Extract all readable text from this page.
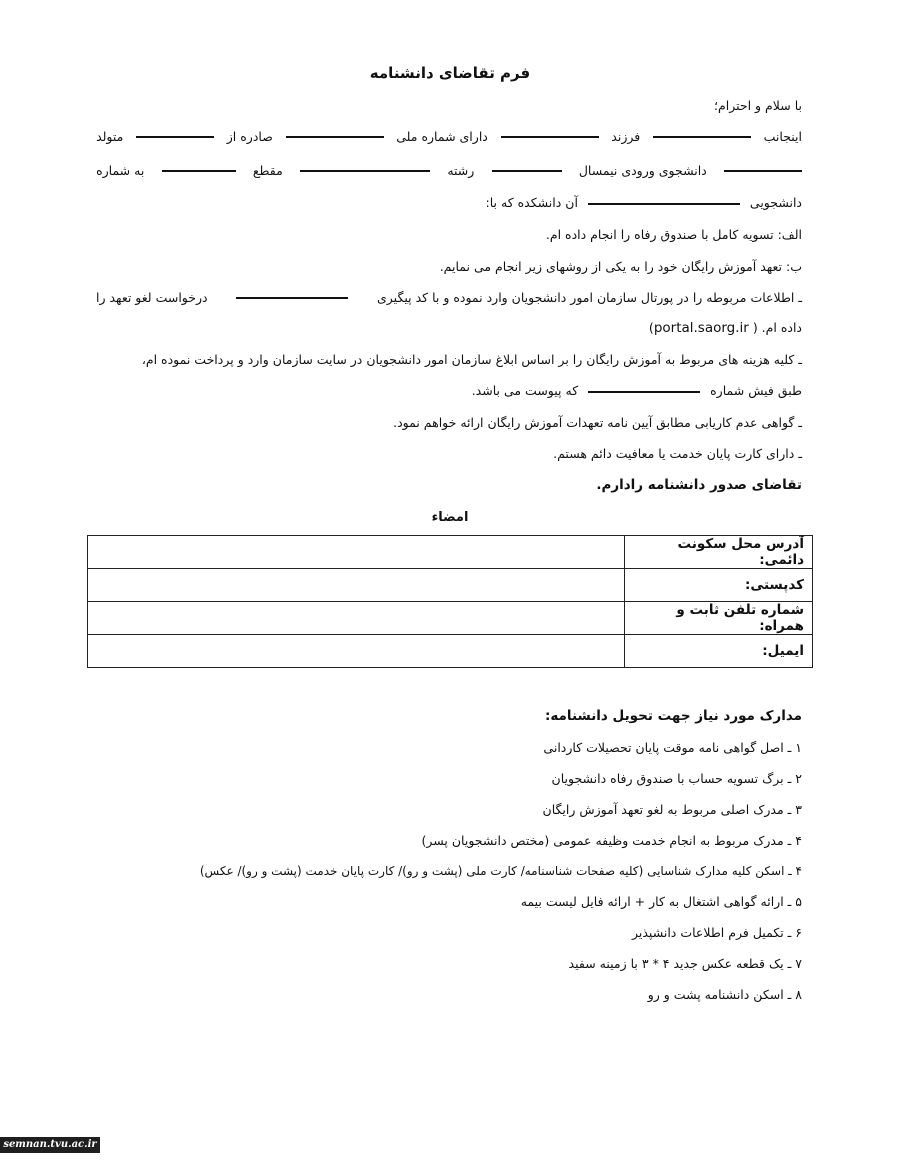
فرم تقاضای دانشنامه
با سلام و احترام؛
اینجانب
فرزند
دارای شماره ملی
صادره از
متولد
دانشجوی ورودی نیمسال
رشته
مقطع
به شماره
دانشجویی  آن دانشکده که با:
الف: تسویه کامل با صندوق رفاه را انجام داده ام.
ب: تعهد آموزش رایگان خود را به یکی از روشهای زیر انجام می نمایم.
ـ اطلاعات مربوطه را در پورتال سازمان امور دانشجویان وارد نموده و با کد پیگیری
درخواست لغو تعهد را
داده ام. ( portal.saorg.ir)
ـ کلیه هزینه های مربوط به آموزش رایگان را بر اساس ابلاغ سازمان امور دانشجویان در سایت سازمان وارد و پرداخت نموده ام،
طبق فیش شماره  که پیوست می باشد.
ـ گواهی عدم کاریابی مطابق آیین نامه تعهدات آموزش رایگان ارائه خواهم نمود.
ـ دارای کارت پایان خدمت یا معافیت دائم هستم.
تقاضای صدور دانشنامه رادارم.
امضاء
آدرس محل سکونت دائمی:	
کدپستی:	
شماره تلفن ثابت و همراه:	
ایمیل:	
مدارک مورد نیاز جهت تحویل دانشنامه:
۱ ـ اصل گواهی نامه موقت پایان تحصیلات کاردانی
۲ ـ برگ تسویه حساب با صندوق رفاه دانشجویان
۳ ـ مدرک اصلی مربوط به لغو تعهد آموزش رایگان
۴ ـ مدرک مربوط به انجام خدمت وظیفه عمومی (مختص دانشجویان پسر)
۴ ـ اسکن کلیه مدارک شناسایی (کلیه صفحات شناسنامه/ کارت ملی (پشت و رو)/ کارت پایان خدمت (پشت و رو)/ عکس)
۵ ـ ارائه گواهی اشتغال به کار + ارائه فایل لیست بیمه
۶ ـ تکمیل فرم اطلاعات دانشپذیر
۷ ـ یک قطعه عکس جدید ۴ * ۳ با زمینه سفید
۸ ـ اسکن دانشنامه پشت و رو
semnan.tvu.ac.ir
